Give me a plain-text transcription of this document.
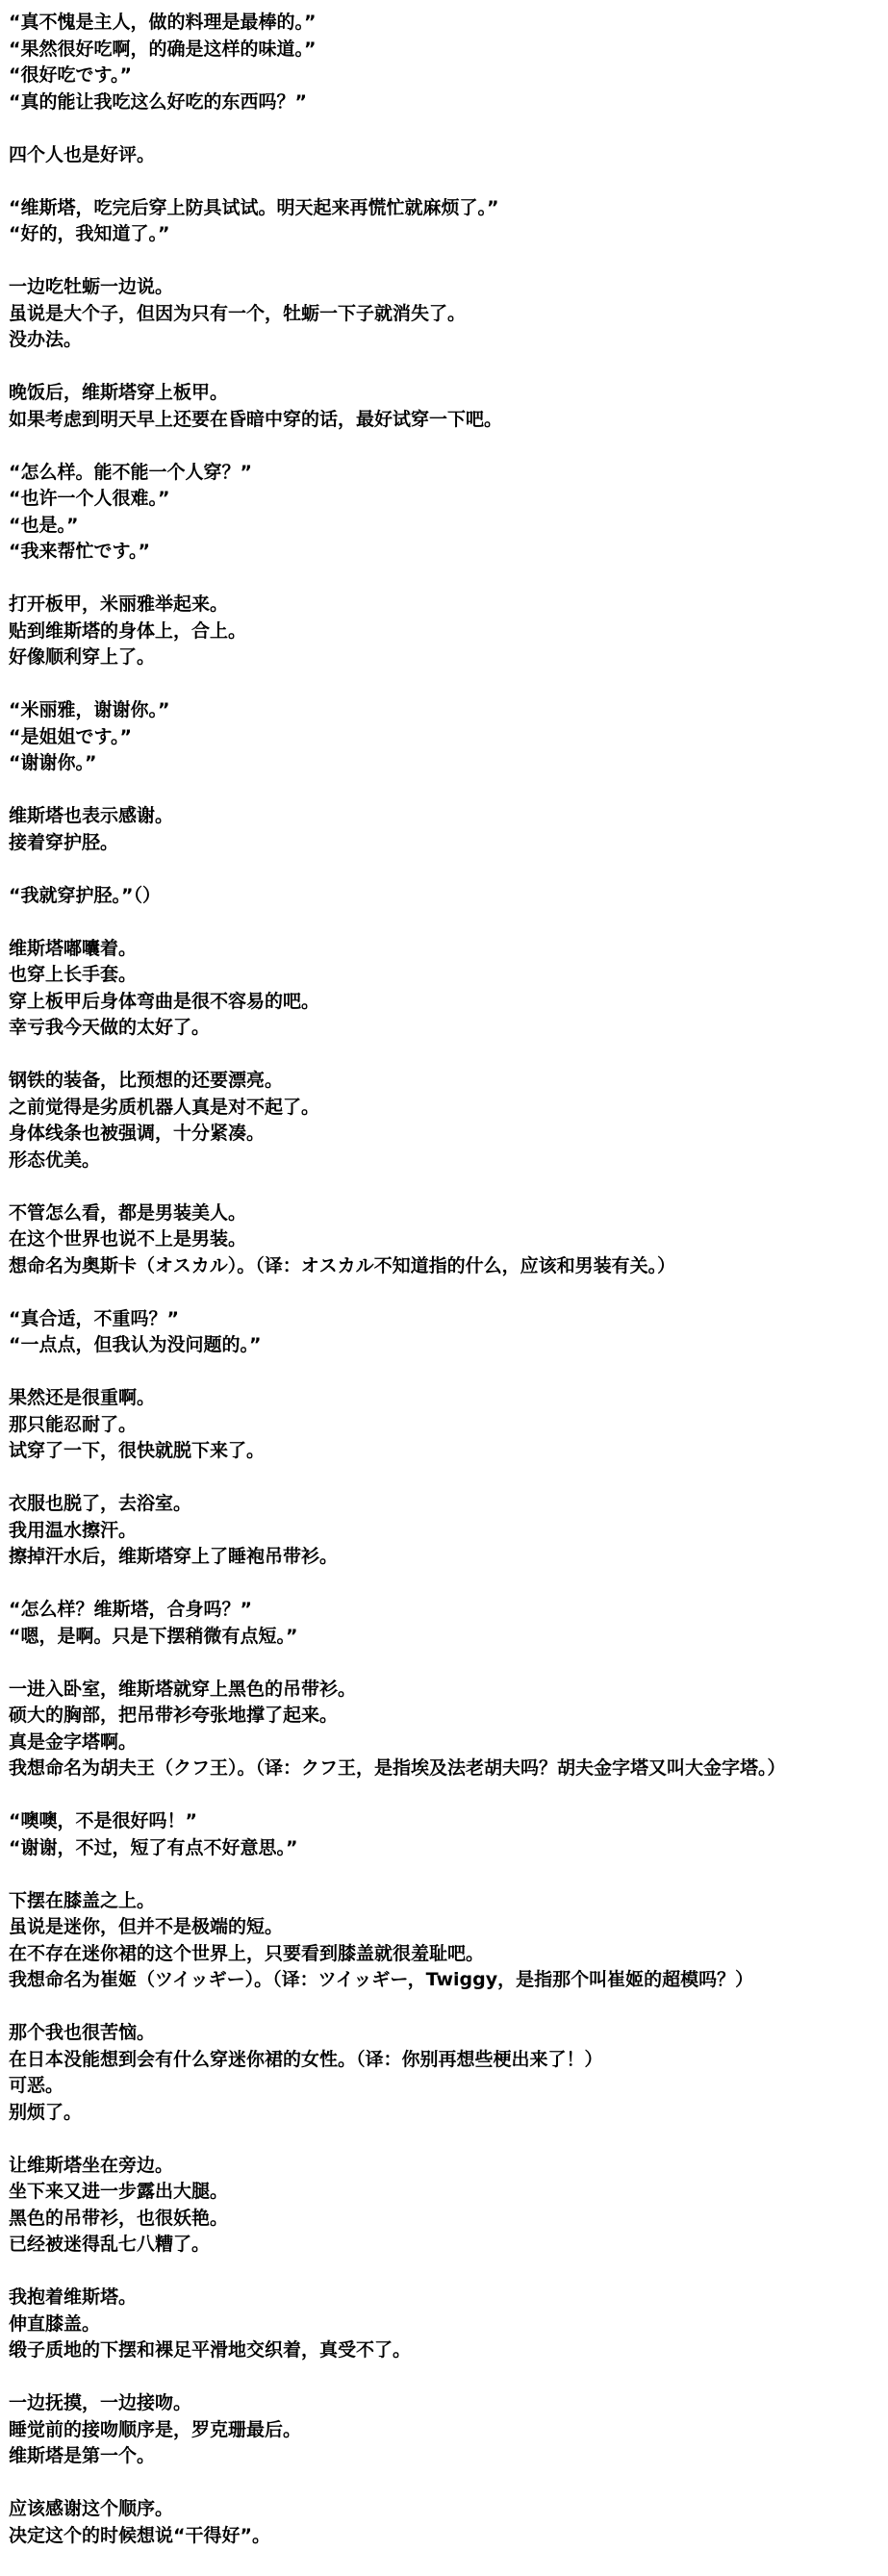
“真不愧是主人，做的料理是最棒的。”
“果然很好吃啊，的确是这样的味道。”
“很好吃です。”
“真的能让我吃这么好吃的东西吗？”
四个人也是好评。
“维斯塔，吃完后穿上防具试试。明天起来再慌忙就麻烦了。”
“好的，我知道了。”
一边吃牡蛎一边说。
虽说是大个子，但因为只有一个，牡蛎一下子就消失了。
没办法。
晚饭后，维斯塔穿上板甲。
如果考虑到明天早上还要在昏暗中穿的话，最好试穿一下吧。
“怎么样。能不能一个人穿？”
“也许一个人很难。”
“也是。”
“我来帮忙です。”
打开板甲，米丽雅举起来。
贴到维斯塔的身体上，合上。
好像顺利穿上了。
“米丽雅，谢谢你。”
“是姐姐です。”
“谢谢你。”
维斯塔也表示感谢。
接着穿护胫。
“我就穿护胫。”（）
维斯塔嘟囔着。
也穿上长手套。
穿上板甲后身体弯曲是很不容易的吧。
幸亏我今天做的太好了。
钢铁的装备，比预想的还要漂亮。
之前觉得是劣质机器人真是对不起了。
身体线条也被强调，十分紧凑。
形态优美。
不管怎么看，都是男装美人。
在这个世界也说不上是男装。
想命名为奥斯卡（オスカル）。（译：オスカル不知道指的什么，应该和男装有关。）
“真合适，不重吗？”
“一点点，但我认为没问题的。”
果然还是很重啊。
那只能忍耐了。
试穿了一下，很快就脱下来了。
衣服也脱了，去浴室。
我用温水擦汗。
擦掉汗水后，维斯塔穿上了睡袍吊带衫。
“怎么样？维斯塔，合身吗？”
“嗯，是啊。只是下摆稍微有点短。”
一进入卧室，维斯塔就穿上黑色的吊带衫。
硕大的胸部，把吊带衫夸张地撑了起来。
真是金字塔啊。
我想命名为胡夫王（クフ王）。（译：クフ王，是指埃及法老胡夫吗？胡夫金字塔又叫大金字塔。）
“噢噢，不是很好吗！”
“谢谢，不过，短了有点不好意思。”
下摆在膝盖之上。
虽说是迷你，但并不是极端的短。
在不存在迷你裙的这个世界上，只要看到膝盖就很羞耻吧。
我想命名为崔姬（ツイッギー）。（译：ツイッギー，Twiggy，是指那个叫崔姬的超模吗？）
那个我也很苦恼。
在日本没能想到会有什么穿迷你裙的女性。（译：你别再想些梗出来了！）
可恶。
别烦了。
让维斯塔坐在旁边。
坐下来又进一步露出大腿。
黑色的吊带衫，也很妖艳。
已经被迷得乱七八糟了。
我抱着维斯塔。
伸直膝盖。
缎子质地的下摆和裸足平滑地交织着，真受不了。
一边抚摸，一边接吻。
睡觉前的接吻顺序是，罗克珊最后。
维斯塔是第一个。
应该感谢这个顺序。
决定这个的时候想说“干得好”。
